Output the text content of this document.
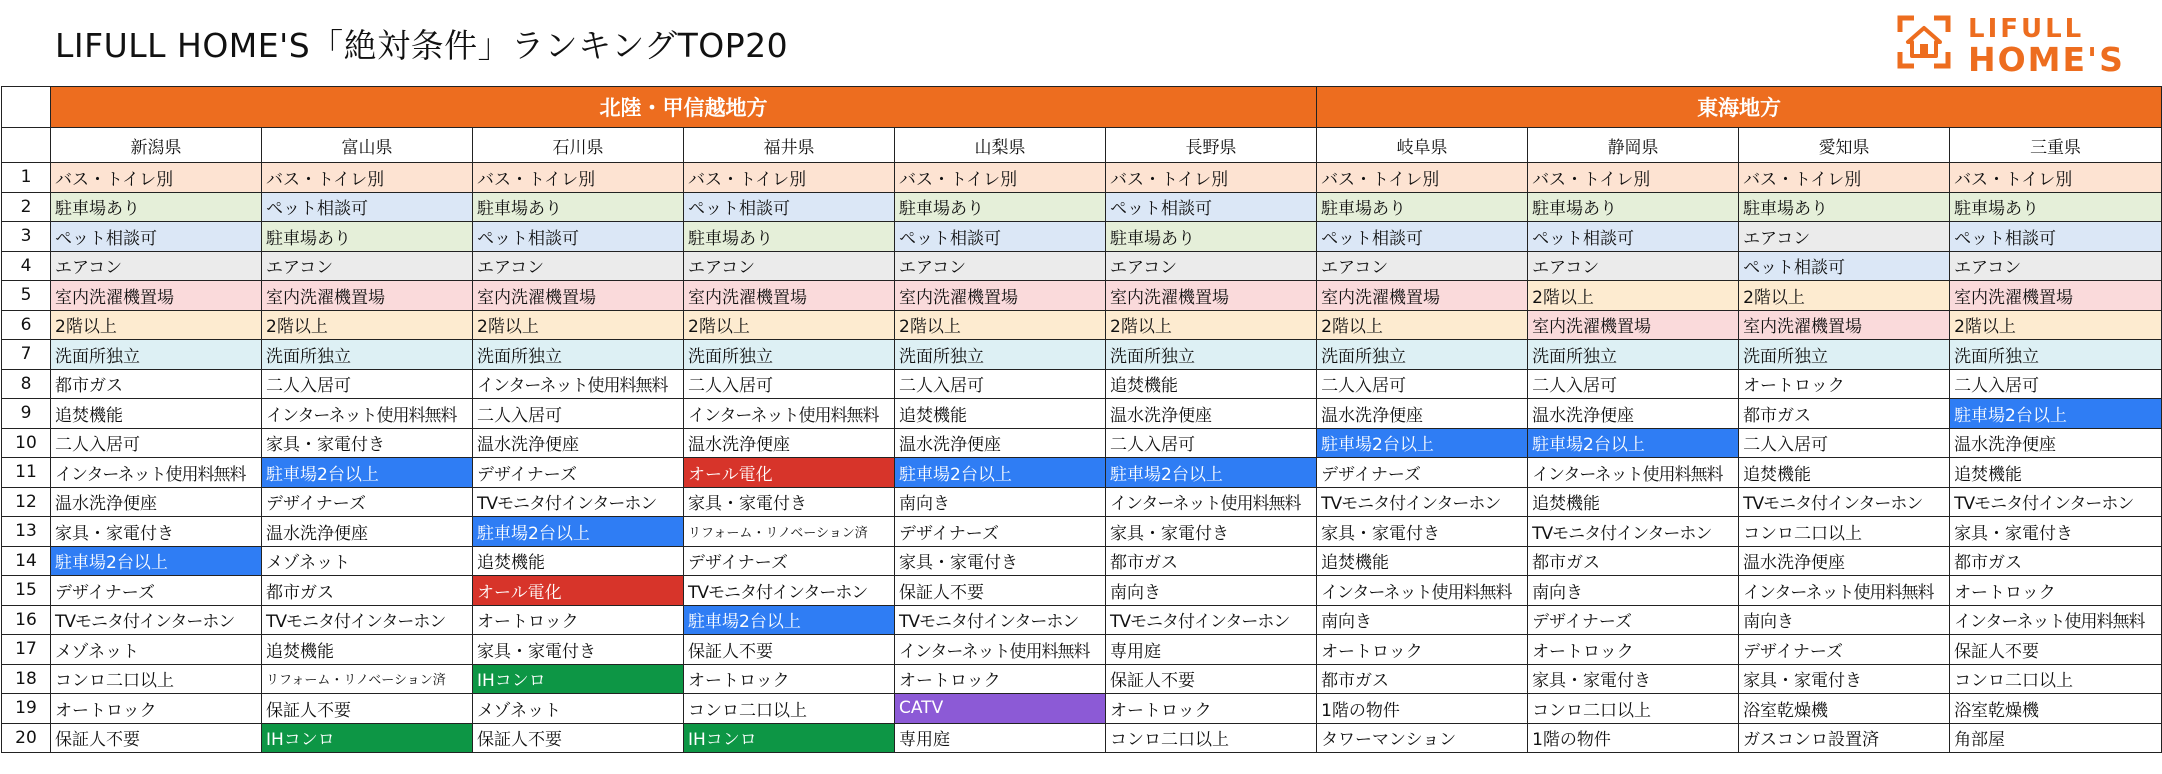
LIFULL HOME'S「絶対条件」ランキングTOP20	LIFULL
HOME'S
	北陸・甲信越地方						東海地方			
	新潟県	富山県	石川県	福井県	山梨県	長野県	岐阜県	静岡県	愛知県	三重県
1	バス・トイレ別	バス・トイレ別	バス・トイレ別	バス・トイレ別	バス・トイレ別	バス・トイレ別	バス・トイレ別	バス・トイレ別	バス・トイレ別	バス・トイレ別
2	駐車場あり	ペット相談可	駐車場あり	ペット相談可	駐車場あり	ペット相談可	駐車場あり	駐車場あり	駐車場あり	駐車場あり
3	ペット相談可	駐車場あり	ペット相談可	駐車場あり	ペット相談可	駐車場あり	ペット相談可	ペット相談可	エアコン	ペット相談可
4	エアコン	エアコン	エアコン	エアコン	エアコン	エアコン	エアコン	エアコン	ペット相談可	エアコン
5	室内洗濯機置場	室内洗濯機置場	室内洗濯機置場	室内洗濯機置場	室内洗濯機置場	室内洗濯機置場	室内洗濯機置場	2階以上	2階以上	室内洗濯機置場
6	2階以上	2階以上	2階以上	2階以上	2階以上	2階以上	2階以上	室内洗濯機置場	室内洗濯機置場	2階以上
7	洗面所独立	洗面所独立	洗面所独立	洗面所独立	洗面所独立	洗面所独立	洗面所独立	洗面所独立	洗面所独立	洗面所独立
8	都市ガス	二人入居可	インターネット使用料無料	二人入居可	二人入居可	追焚機能	二人入居可	二人入居可	オートロック	二人入居可
9	追焚機能	インターネット使用料無料	二人入居可	インターネット使用料無料	追焚機能	温水洗浄便座	温水洗浄便座	温水洗浄便座	都市ガス	駐車場2台以上
10	二人入居可	家具・家電付き	温水洗浄便座	温水洗浄便座	温水洗浄便座	二人入居可	駐車場2台以上	駐車場2台以上	二人入居可	温水洗浄便座
11	インターネット使用料無料	駐車場2台以上	デザイナーズ	オール電化	駐車場2台以上	駐車場2台以上	デザイナーズ	インターネット使用料無料	追焚機能	追焚機能
12	温水洗浄便座	デザイナーズ	TVモニタ付インターホン	家具・家電付き	南向き	インターネット使用料無料	TVモニタ付インターホン	追焚機能	TVモニタ付インターホン	TVモニタ付インターホン
13	家具・家電付き	温水洗浄便座	駐車場2台以上	リフォーム・リノベーション済	デザイナーズ	家具・家電付き	家具・家電付き	TVモニタ付インターホン	コンロ二口以上	家具・家電付き
14	駐車場2台以上	メゾネット	追焚機能	デザイナーズ	家具・家電付き	都市ガス	追焚機能	都市ガス	温水洗浄便座	都市ガス
15	デザイナーズ	都市ガス	オール電化	TVモニタ付インターホン	保証人不要	南向き	インターネット使用料無料	南向き	インターネット使用料無料	オートロック
16	TVモニタ付インターホン	TVモニタ付インターホン	オートロック	駐車場2台以上	TVモニタ付インターホン	TVモニタ付インターホン	南向き	デザイナーズ	南向き	インターネット使用料無料
17	メゾネット	追焚機能	家具・家電付き	保証人不要	インターネット使用料無料	専用庭	オートロック	オートロック	デザイナーズ	保証人不要
18	コンロ二口以上	リフォーム・リノベーション済	IHコンロ	オートロック	オートロック	保証人不要	都市ガス	家具・家電付き	家具・家電付き	コンロ二口以上
19	オートロック	保証人不要	メゾネット	コンロ二口以上	CATV	オートロック	1階の物件	コンロ二口以上	浴室乾燥機	浴室乾燥機
20	保証人不要	IHコンロ	保証人不要	IHコンロ	専用庭	コンロ二口以上	タワーマンション	1階の物件	ガスコンロ設置済	角部屋
